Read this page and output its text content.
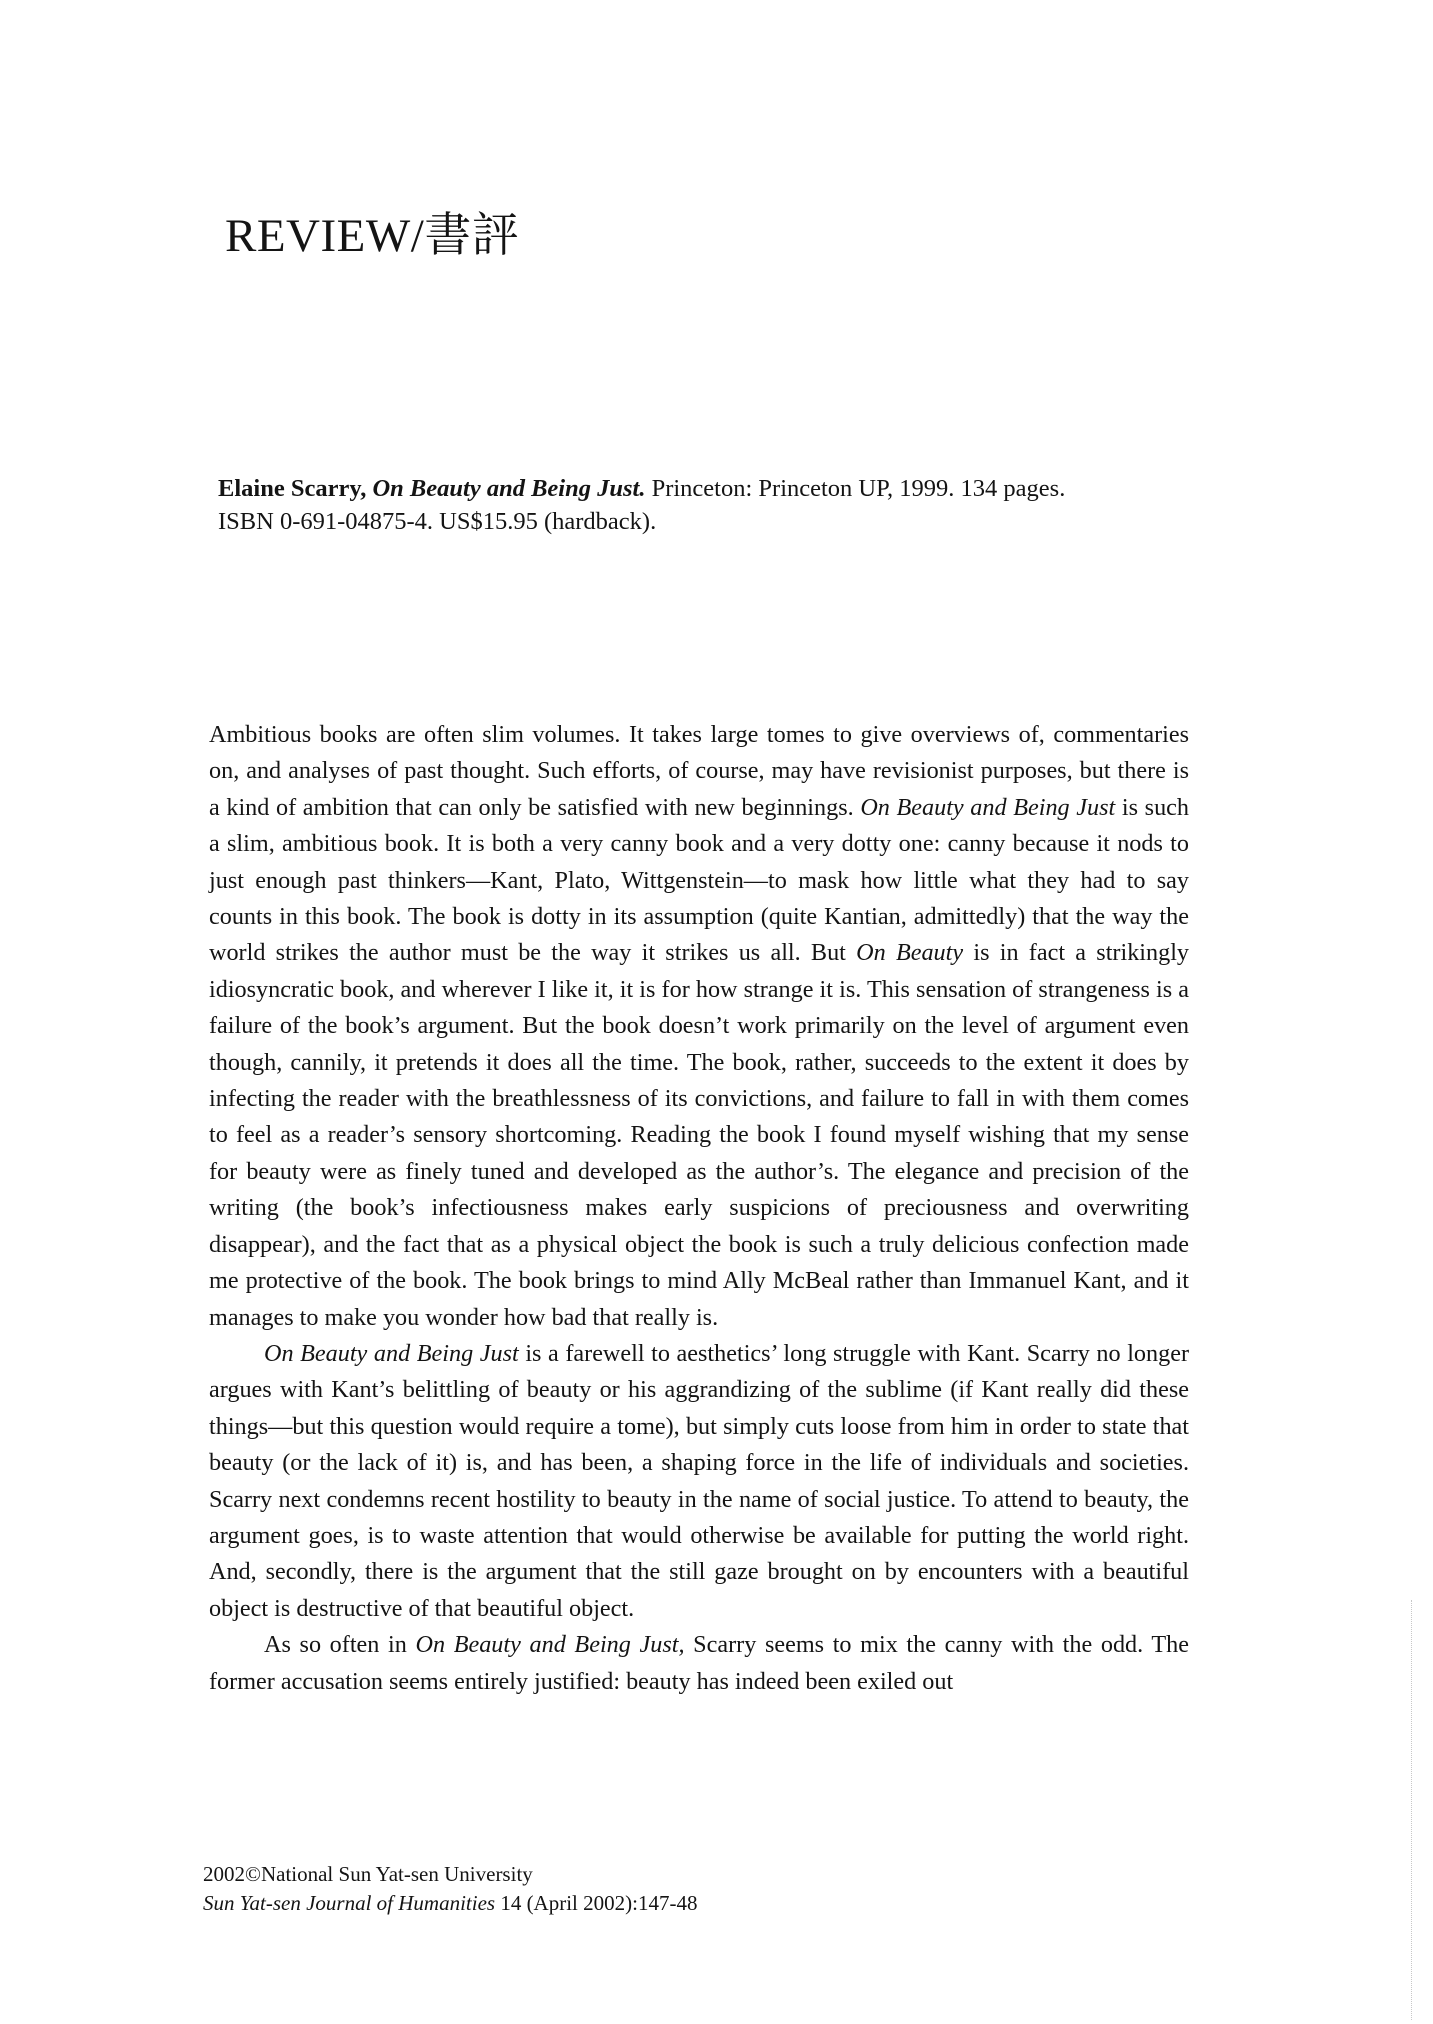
REVIEW/書評
Elaine Scarry, On Beauty and Being Just. Princeton: Princeton UP, 1999. 134 pages.
ISBN 0-691-04875-4. US$15.95 (hardback).

Ambitious books are often slim volumes. It takes large tomes to give overviews of, commentaries on, and analyses of past thought. Such efforts, of course, may have revisionist purposes, but there is a kind of ambition that can only be satisfied with new beginnings. On Beauty and Being Just is such a slim, ambitious book. It is both a very canny book and a very dotty one: canny because it nods to just enough past thinkers—Kant, Plato, Wittgenstein—to mask how little what they had to say counts in this book. The book is dotty in its assumption (quite Kantian, admittedly) that the way the world strikes the author must be the way it strikes us all. But On Beauty is in fact a strikingly idiosyncratic book, and wherever I like it, it is for how strange it is. This sensation of strangeness is a failure of the book’s argument. But the book doesn’t work primarily on the level of argument even though, cannily, it pretends it does all the time. The book, rather, succeeds to the extent it does by infecting the reader with the breathlessness of its convictions, and failure to fall in with them comes to feel as a reader’s sensory shortcoming. Reading the book I found myself wishing that my sense for beauty were as finely tuned and developed as the author’s. The elegance and precision of the writing (the book’s infectiousness makes early suspicions of preciousness and overwriting disappear), and the fact that as a physical object the book is such a truly delicious confection made me protective of the book. The book brings to mind Ally McBeal rather than Immanuel Kant, and it manages to make you wonder how bad that really is.

On Beauty and Being Just is a farewell to aesthetics’ long struggle with Kant. Scarry no longer argues with Kant’s belittling of beauty or his aggrandizing of the sublime (if Kant really did these things—but this question would require a tome), but simply cuts loose from him in order to state that beauty (or the lack of it) is, and has been, a shaping force in the life of individuals and societies. Scarry next condemns recent hostility to beauty in the name of social justice. To attend to beauty, the argument goes, is to waste attention that would otherwise be available for putting the world right. And, secondly, there is the argument that the still gaze brought on by encounters with a beautiful object is destructive of that beautiful object.

As so often in On Beauty and Being Just, Scarry seems to mix the canny with the odd. The former accusation seems entirely justified: beauty has indeed been exiled out

2002©National Sun Yat-sen University
Sun Yat-sen Journal of Humanities 14 (April 2002):147-48
